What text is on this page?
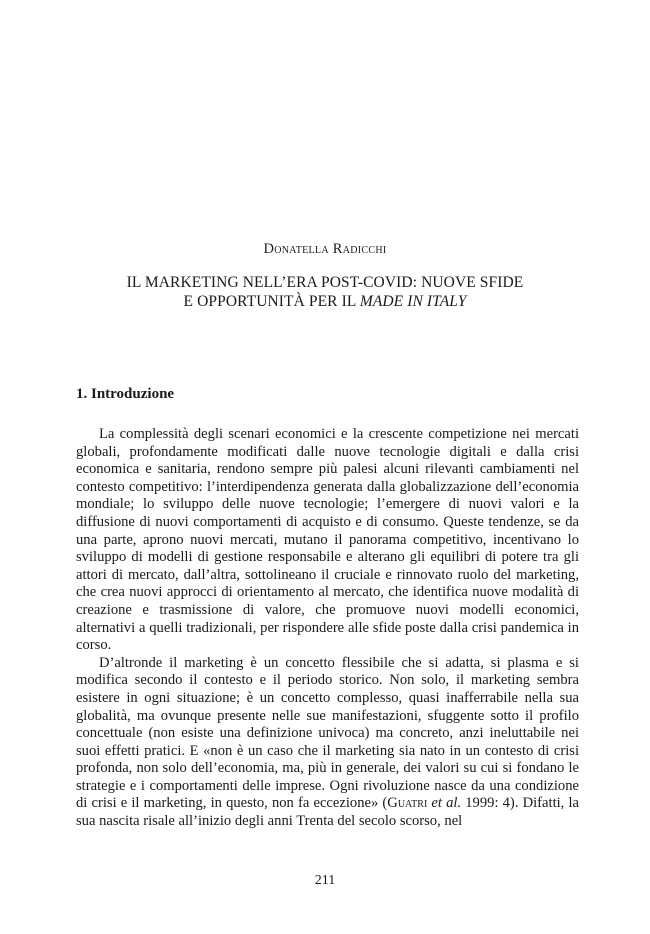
Donatella Radicchi
IL MARKETING NELL’ERA POST-COVID: NUOVE SFIDE
E OPPORTUNITÀ PER IL MADE IN ITALY
1. Introduzione

La complessità degli scenari economici e la crescente competizione nei mercati globali, profondamente modificati dalle nuove tecnologie digitali e dalla crisi economica e sanitaria, rendono sempre più palesi alcuni rilevanti cambiamenti nel contesto competitivo: l’interdipendenza generata dalla globalizzazione dell’economia mondiale; lo sviluppo delle nuove tecnologie; l’emergere di nuovi valori e la diffusione di nuovi comportamenti di acquisto e di consumo. Queste tendenze, se da una parte, aprono nuovi mercati, mutano il panorama competitivo, incentivano lo sviluppo di modelli di gestione responsabile e alterano gli equilibri di potere tra gli attori di mercato, dall’altra, sottolineano il cruciale e rinnovato ruolo del marketing, che crea nuovi approcci di orientamento al mercato, che identifica nuove modalità di creazione e trasmissione di valore, che promuove nuovi modelli economici, alternativi a quelli tradizionali, per rispondere alle sfide poste dalla crisi pandemica in corso.

D’altronde il marketing è un concetto flessibile che si adatta, si plasma e si modifica secondo il contesto e il periodo storico. Non solo, il marketing sembra esistere in ogni situazione; è un concetto complesso, quasi inafferrabile nella sua globalità, ma ovunque presente nelle sue manifestazioni, sfuggente sotto il profilo concettuale (non esiste una definizione univoca) ma concreto, anzi ineluttabile nei suoi effetti pratici. E «non è un caso che il marketing sia nato in un contesto di crisi profonda, non solo dell’economia, ma, più in generale, dei valori su cui si fondano le strategie e i comportamenti delle imprese. Ogni rivoluzione nasce da una condizione di crisi e il marketing, in questo, non fa eccezione» (Guatri et al. 1999: 4). Difatti, la sua nascita risale all’inizio degli anni Trenta del secolo scorso, nel

211
